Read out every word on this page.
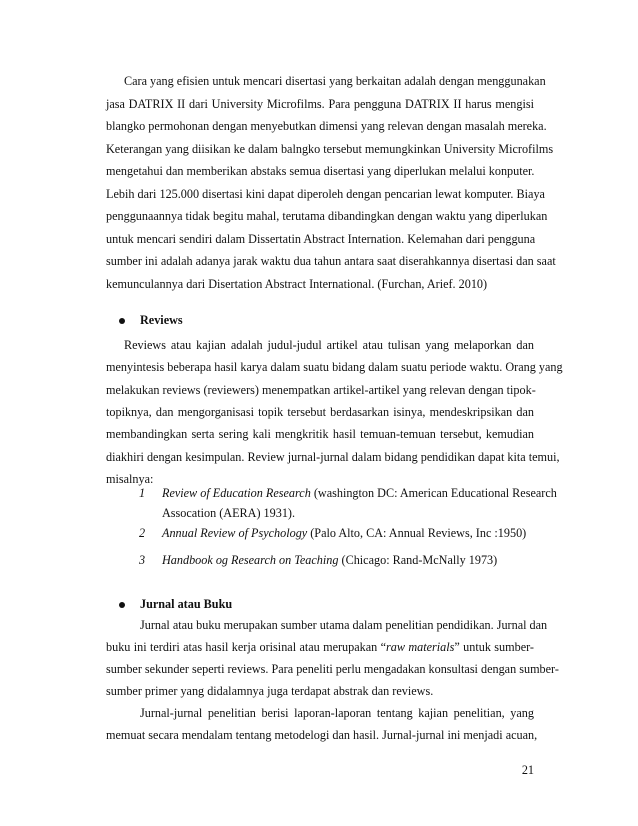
Cara yang efisien untuk mencari disertasi yang berkaitan adalah dengan menggunakan
jasa DATRIX II dari University Microfilms. Para pengguna DATRIX II harus mengisi
blangko permohonan dengan menyebutkan dimensi yang relevan dengan masalah mereka.
Keterangan yang diisikan ke dalam balngko tersebut memungkinkan University Microfilms
mengetahui dan memberikan abstaks semua disertasi yang diperlukan melalui konputer.
Lebih dari 125.000 disertasi kini dapat diperoleh dengan pencarian lewat komputer. Biaya
penggunaannya tidak begitu mahal, terutama dibandingkan dengan waktu yang diperlukan
untuk mencari sendiri dalam Dissertatin Abstract Internation. Kelemahan dari pengguna
sumber ini adalah adanya jarak waktu dua tahun antara saat diserahkannya disertasi dan saat
kemunculannya dari Disertation Abstract International. (Furchan, Arief. 2010)
Reviews
Reviews atau kajian adalah judul-judul artikel atau tulisan yang melaporkan dan
menyintesis beberapa hasil karya dalam suatu bidang dalam suatu periode waktu. Orang yang
melakukan reviews (reviewers) menempatkan artikel-artikel yang relevan dengan tipok-
topiknya, dan mengorganisasi topik tersebut berdasarkan isinya, mendeskripsikan dan
membandingkan serta sering kali mengkritik hasil temuan-temuan tersebut, kemudian
diakhiri dengan kesimpulan. Review jurnal-jurnal dalam bidang pendidikan dapat kita temui,
misalnya:
1 Review of Education Research (washington DC: American Educational Research
Assocation (AERA) 1931).
2 Annual Review of Psychology (Palo Alto, CA: Annual Reviews, Inc :1950)
3 Handbook og Research on Teaching (Chicago: Rand-McNally 1973)
Jurnal atau Buku
21
Jurnal atau buku merupakan sumber utama dalam penelitian pendidikan. Jurnal dan
buku ini terdiri atas hasil kerja orisinal atau merupakan “raw materials” untuk sumber-
sumber sekunder seperti reviews. Para peneliti perlu mengadakan konsultasi dengan sumber-
sumber primer yang didalamnya juga terdapat abstrak dan reviews.
Jurnal-jurnal penelitian berisi laporan-laporan tentang kajian penelitian, yang
memuat secara mendalam tentang metodelogi dan hasil. Jurnal-jurnal ini menjadi acuan,
